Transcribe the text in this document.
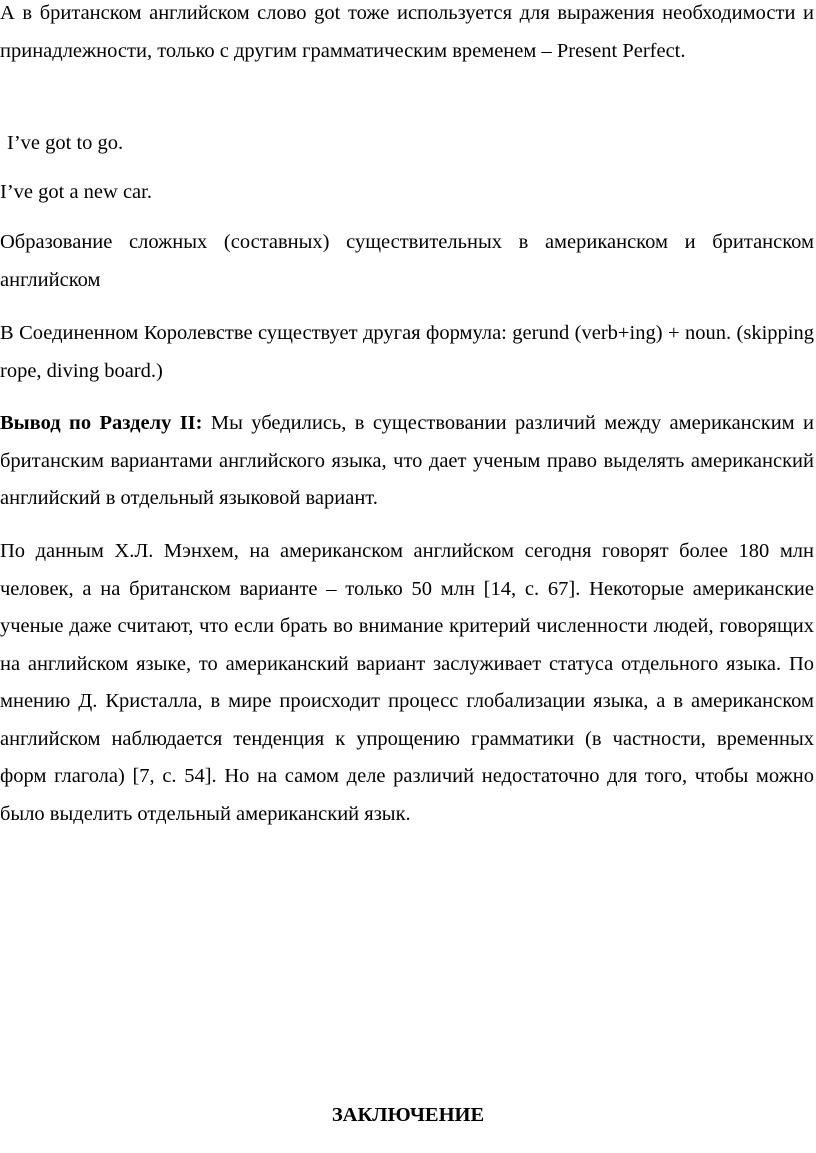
А в британском английском слово got тоже используется для выражения необходимости и принадлежности, только с другим грамматическим временем – Present Perfect.

I’ve got to go.

I’ve got a new car.

Образование сложных (составных) существительных в американском и британском английском

В Соединенном Королевстве существует другая формула: gerund (verb+ing) + noun. (skipping rope, diving board.)

Вывод по Разделу II: Мы убедились, в существовании различий между американским и британским вариантами английского языка, что дает ученым право выделять американский английский в отдельный языковой вариант.

По данным Х.Л. Мэнхем, на американском английском сегодня говорят более 180 млн человек, а на британском варианте – только 50 млн [14, с. 67]. Некоторые американские ученые даже считают, что если брать во внимание критерий численности людей, говорящих на английском языке, то американский вариант заслуживает статуса отдельного языка. По мнению Д. Кристалла, в мире происходит процесс глобализации языка, а в американском английском наблюдается тенденция к упрощению грамматики (в частности, временных форм глагола) [7, с. 54]. Но на самом деле различий недостаточно для того, чтобы можно было выделить отдельный американский язык.

ЗАКЛЮЧЕНИЕ
